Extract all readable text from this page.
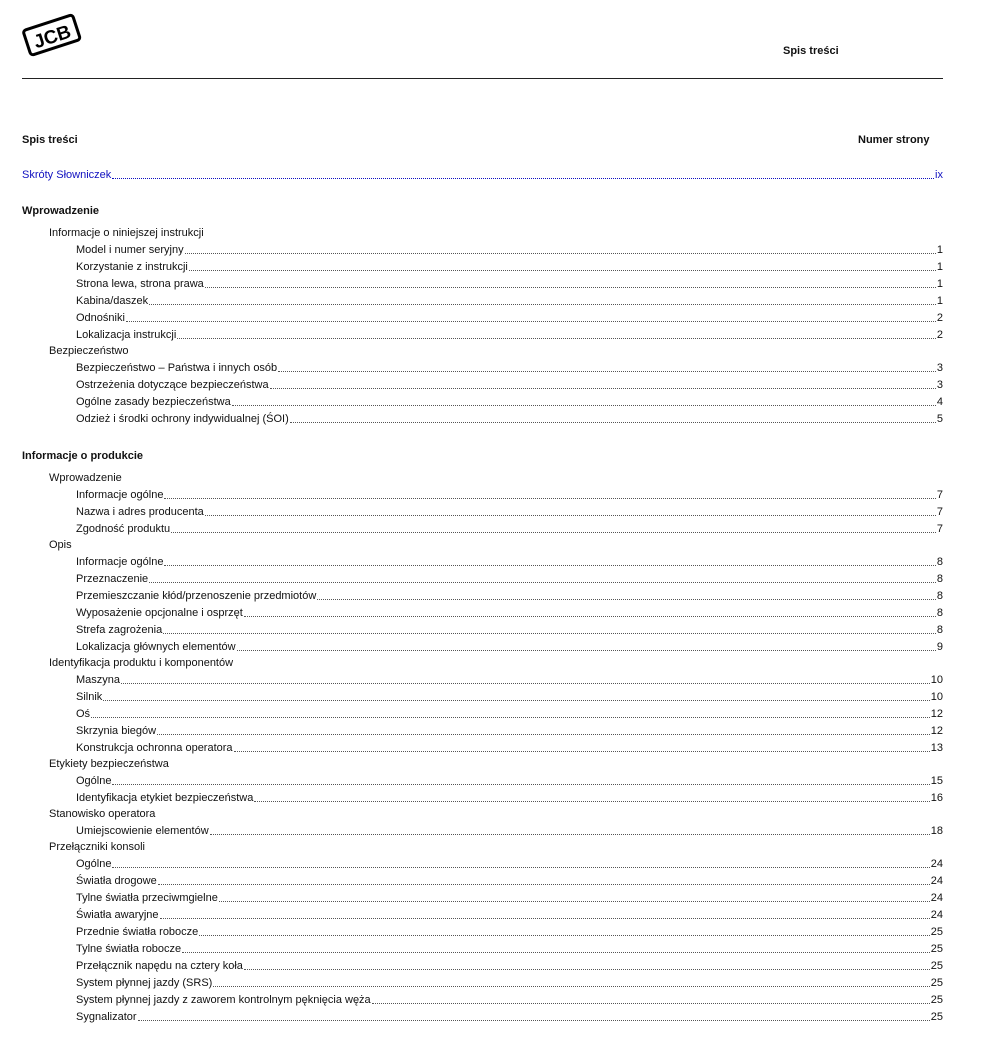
JCB	Spis treści
Spis treści	Numer strony
Skróty Słowniczek	ix
Wprowadzenie
Informacje o niniejszej instrukcji
Model i numer seryjny	1
Korzystanie z instrukcji	1
Strona lewa, strona prawa	1
Kabina/daszek	1
Odnośniki	2
Lokalizacja instrukcji	2
Bezpieczeństwo
Bezpieczeństwo – Państwa i innych osób	3
Ostrzeżenia dotyczące bezpieczeństwa	3
Ogólne zasady bezpieczeństwa	4
Odzież i środki ochrony indywidualnej (ŚOI)	5
Informacje o produkcie
Wprowadzenie
Informacje ogólne	7
Nazwa i adres producenta	7
Zgodność produktu	7
Opis
Informacje ogólne	8
Przeznaczenie	8
Przemieszczanie kłód/przenoszenie przedmiotów	8
Wyposażenie opcjonalne i osprzęt	8
Strefa zagrożenia	8
Lokalizacja głównych elementów	9
Identyfikacja produktu i komponentów
Maszyna	10
Silnik	10
Oś	12
Skrzynia biegów	12
Konstrukcja ochronna operatora	13
Etykiety bezpieczeństwa
Ogólne	15
Identyfikacja etykiet bezpieczeństwa	16
Stanowisko operatora
Umiejscowienie elementów	18
Przełączniki konsoli
Ogólne	24
Światła drogowe	24
Tylne światła przeciwmgielne	24
Światła awaryjne	24
Przednie światła robocze	25
Tylne światła robocze	25
Przełącznik napędu na cztery koła	25
System płynnej jazdy (SRS)	25
System płynnej jazdy z zaworem kontrolnym pęknięcia węża	25
Sygnalizator	25
